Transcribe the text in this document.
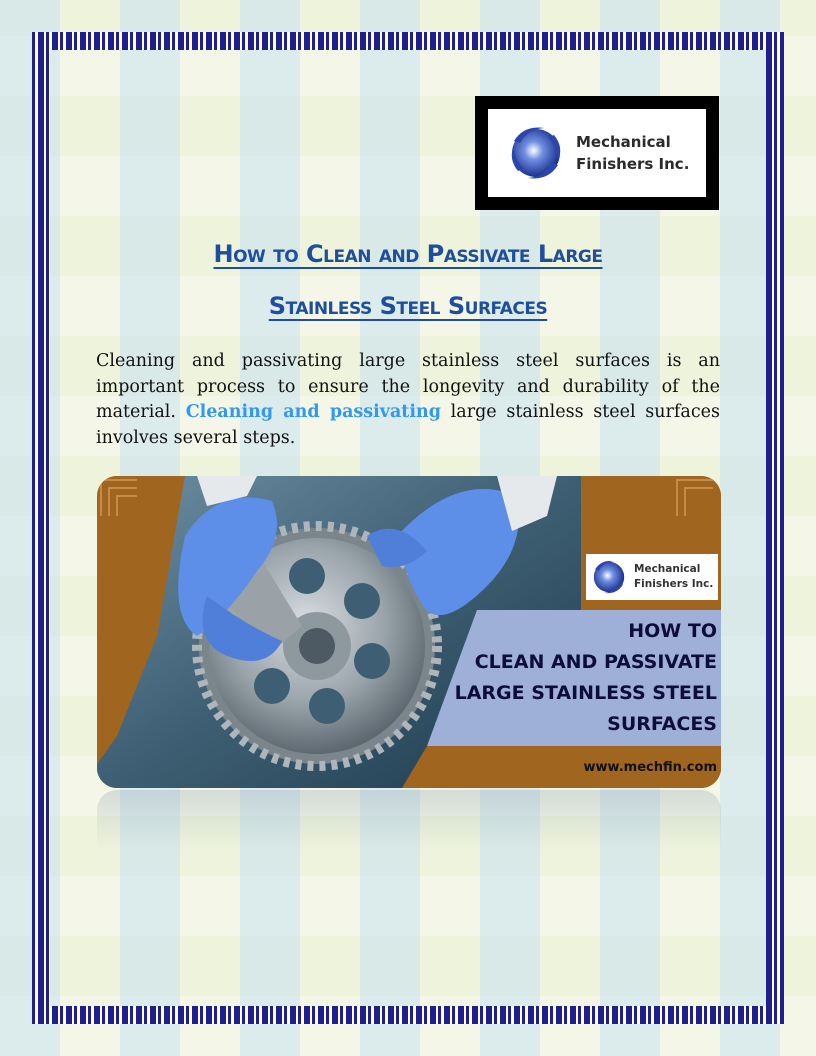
Mechanical
Finishers Inc.
How to Clean and Passivate Large
Stainless Steel Surfaces
Cleaning and passivating large stainless steel surfaces is an important process to ensure the longevity and durability of the material. Cleaning and passivating large stainless steel surfaces involves several steps.
Mechanical
Finishers Inc.
HOW TO
CLEAN AND PASSIVATE
LARGE STAINLESS STEEL
SURFACES
www.mechfin.com
